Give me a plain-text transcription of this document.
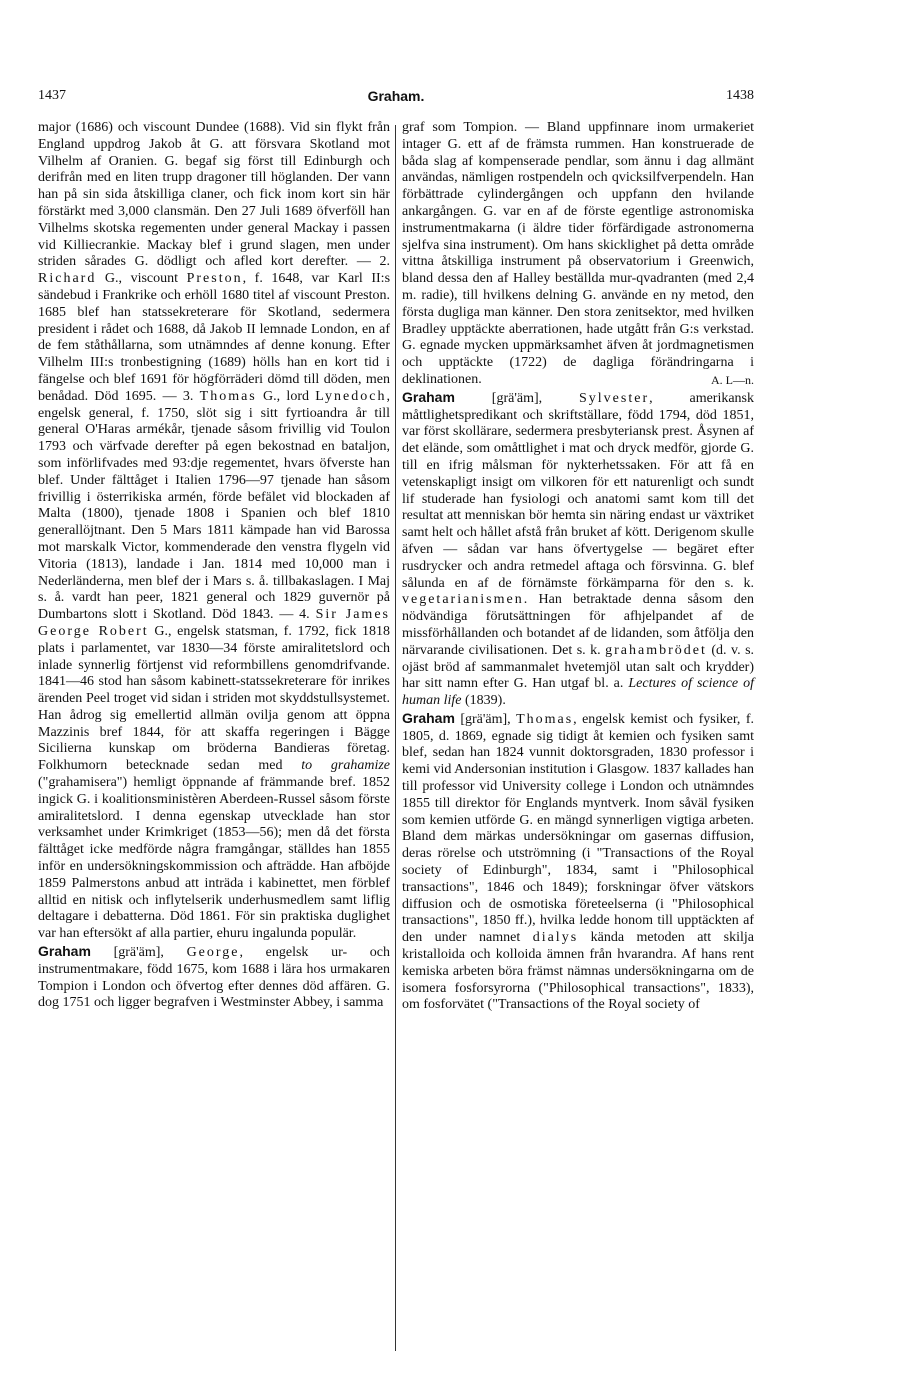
1437	Graham.	1438

major (1686) och viscount Dundee (1688). Vid sin flykt från England uppdrog Jakob åt G. att försvara Skotland mot Vilhelm af Oranien. G. begaf sig först till Edinburgh och derifrån med en liten trupp dragoner till höglanden. Der vann han på sin sida åtskilliga claner, och fick inom kort sin här förstärkt med 3,000 clansmän. Den 27 Juli 1689 öfverföll han Vilhelms skotska regementen under general Mackay i passen vid Killiecrankie. Mackay blef i grund slagen, men under striden sårades G. dödligt och afled kort derefter. — 2. Richard G., viscount Preston, f. 1648, var Karl II:s sändebud i Frankrike och erhöll 1680 titel af viscount Preston. 1685 blef han statssekreterare för Skotland, sedermera president i rådet och 1688, då Jakob II lemnade London, en af de fem ståthållarna, som utnämndes af denne konung. Efter Vilhelm III:s tronbestigning (1689) hölls han en kort tid i fängelse och blef 1691 för högförräderi dömd till döden, men benådad. Död 1695. — 3. Thomas G., lord Lynedoch, engelsk general, f. 1750, slöt sig i sitt fyrtioandra år till general O'Haras armékår, tjenade såsom frivillig vid Toulon 1793 och värfvade derefter på egen bekostnad en bataljon, som införlifvades med 93:dje regementet, hvars öfverste han blef. Under fälttåget i Italien 1796—97 tjenade han såsom frivillig i österrikiska armén, förde befälet vid blockaden af Malta (1800), tjenade 1808 i Spanien och blef 1810 generallöjtnant. Den 5 Mars 1811 kämpade han vid Barossa mot marskalk Victor, kommenderade den venstra flygeln vid Vitoria (1813), landade i Jan. 1814 med 10,000 man i Nederländerna, men blef der i Mars s. å. tillbakaslagen. I Maj s. å. vardt han peer, 1821 general och 1829 guvernör på Dumbartons slott i Skotland. Död 1843. — 4. Sir James George Robert G., engelsk statsman, f. 1792, fick 1818 plats i parlamentet, var 1830—34 förste amiralitetslord och inlade synnerlig förtjenst vid reformbillens genomdrifvande. 1841—46 stod han såsom kabinett-statssekreterare för inrikes ärenden Peel troget vid sidan i striden mot skyddstullsystemet. Han ådrog sig emellertid allmän ovilja genom att öppna Mazzinis bref 1844, för att skaffa regeringen i Bägge Sicilierna kunskap om bröderna Bandieras företag. Folkhumorn betecknade sedan med to grahamize ("grahamisera") hemligt öppnande af främmande bref. 1852 ingick G. i koalitionsministèren Aberdeen-Russel såsom förste amiralitetslord. I denna egenskap utvecklade han stor verksamhet under Krimkriget (1853—56); men då det första fälttåget icke medförde några framgångar, ställdes han 1855 inför en undersökningskommission och afträdde. Han afböjde 1859 Palmerstons anbud att inträda i kabinettet, men förblef alltid en nitisk och inflytelserik underhusmedlem samt liflig deltagare i debatterna. Död 1861. För sin praktiska duglighet var han eftersökt af alla partier, ehuru ingalunda populär.

Graham [grä'äm], George, engelsk ur- och instrumentmakare, född 1675, kom 1688 i lära hos urmakaren Tompion i London och öfvertog efter dennes död affären. G. dog 1751 och ligger begrafven i Westminster Abbey, i samma

graf som Tompion. — Bland uppfinnare inom urmakeriet intager G. ett af de främsta rummen. Han konstruerade de båda slag af kompenserade pendlar, som ännu i dag allmänt användas, nämligen rostpendeln och qvicksilfverpendeln. Han förbättrade cylindergången och uppfann den hvilande ankargången. G. var en af de förste egentlige astronomiska instrumentmakarna (i äldre tider förfärdigade astronomerna sjelfva sina instrument). Om hans skicklighet på detta område vittna åtskilliga instrument på observatorium i Greenwich, bland dessa den af Halley beställda mur-qvadranten (med 2,4 m. radie), till hvilkens delning G. använde en ny metod, den första dugliga man känner. Den stora zenitsektor, med hvilken Bradley upptäckte aberrationen, hade utgått från G:s verkstad. G. egnade mycken uppmärksamhet äfven åt jordmagnetismen och upptäckte (1722) de dagliga förändringarna i deklinationen.	A. L—n.

Graham	[grä'äm],	Sylvester, amerikansk måttlighetspredikant och skriftställare, född 1794, död 1851, var först skollärare, sedermera presbyteriansk prest. Åsynen af det elände, som omåttlighet i mat och dryck medför, gjorde G. till en ifrig målsman för nykterhetssaken. För att få en vetenskapligt insigt om vilkoren för ett naturenligt och sundt lif studerade han fysiologi och anatomi samt kom till det resultat att menniskan bör hemta sin näring endast ur växtriket samt helt och hållet afstå från bruket af kött. Derigenom skulle äfven — sådan var hans öfvertygelse — begäret efter rusdrycker och andra retmedel aftaga och försvinna. G. blef sålunda en af de förnämste förkämparna för den s. k. vegetarianismen. Han betraktade denna såsom den nödvändiga förutsättningen för afhjelpandet af de missförhållanden och botandet af de lidanden, som åtfölja den närvarande civilisationen. Det s. k. grahambrödet (d. v. s. ojäst bröd af sammanmalet hvetemjöl utan salt och krydder) har sitt namn efter G. Han utgaf bl. a. Lectures of science of human life (1839).

Graham [grä'äm], Thomas, engelsk kemist och fysiker, f. 1805, d. 1869, egnade sig tidigt åt kemien och fysiken samt blef, sedan han 1824 vunnit doktorsgraden, 1830 professor i kemi vid Andersonian institution i Glasgow. 1837 kallades han till professor vid University college i London och utnämndes 1855 till direktor för Englands myntverk. Inom såväl fysiken som kemien utförde G. en mängd synnerligen vigtiga arbeten. Bland dem märkas undersökningar om gasernas diffusion, deras rörelse och utströmning (i "Transactions of the Royal society of Edinburgh", 1834, samt i "Philosophical transactions", 1846 och 1849); forskningar öfver vätskors diffusion och de osmotiska företeelserna (i "Philosophical transactions", 1850 ff.), hvilka ledde honom till upptäckten af den under namnet dialys kända metoden att skilja kristalloida och kolloida ämnen från hvarandra. Af hans rent kemiska arbeten böra främst nämnas undersökningarna om de isomera fosforsyrorna ("Philosophical transactions", 1833), om fosforvätet ("Transactions of the Royal society of
